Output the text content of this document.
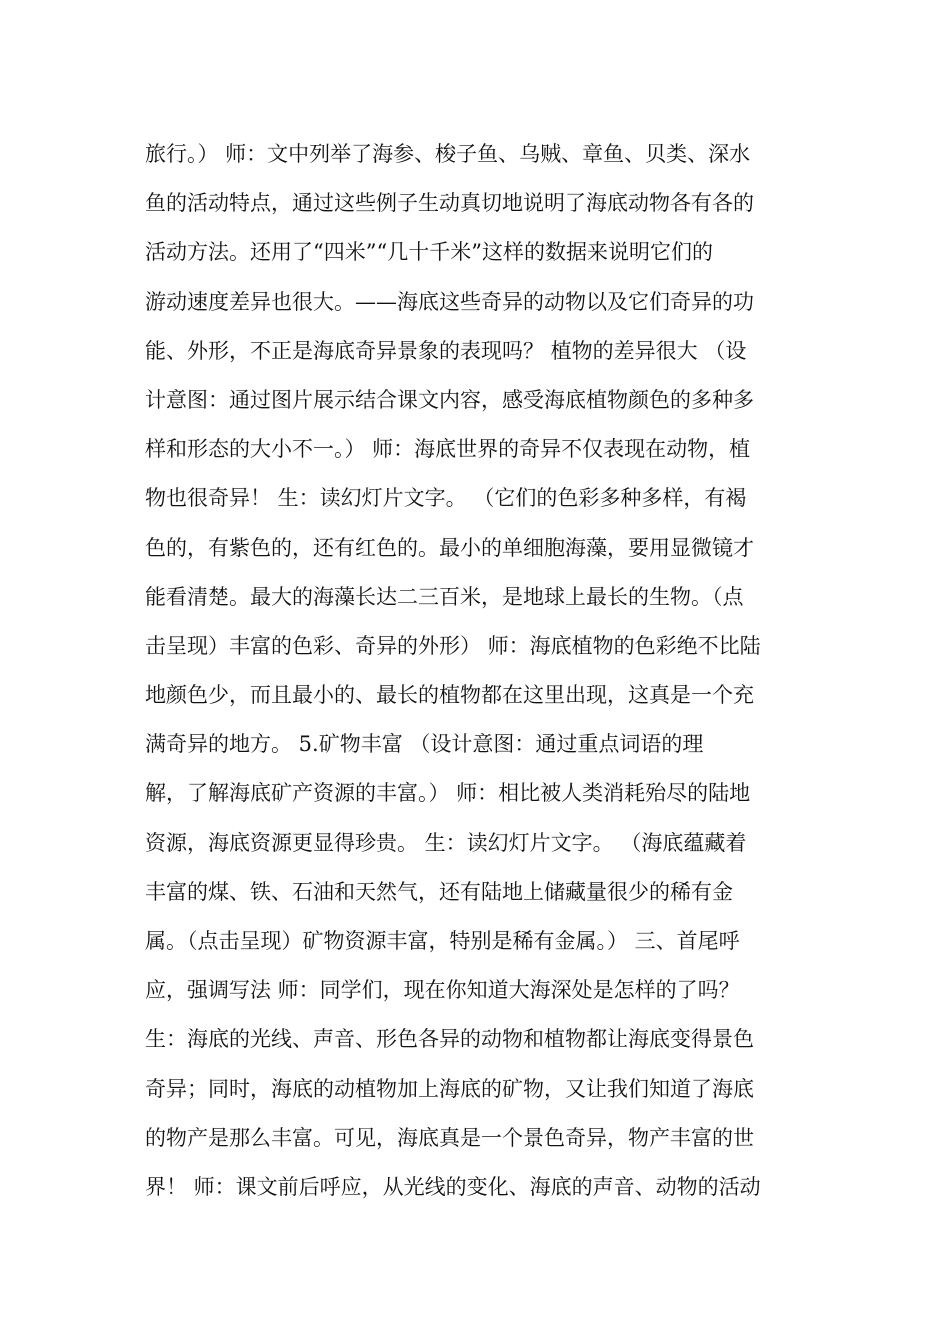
旅行。） 师：文中列举了海参、梭子鱼、乌贼、章鱼、贝类、深水
鱼的活动特点，通过这些例子生动真切地说明了海底动物各有各的
活动方法。还用了“四米”“几十千米”这样的数据来说明它们的
游动速度差异也很大。——海底这些奇异的动物以及它们奇异的功
能、外形，不正是海底奇异景象的表现吗？ 植物的差异很大 （设
计意图：通过图片展示结合课文内容，感受海底植物颜色的多种多
样和形态的大小不一。） 师：海底世界的奇异不仅表现在动物，植
物也很奇异！ 生：读幻灯片文字。 （它们的色彩多种多样，有褐
色的，有紫色的，还有红色的。最小的单细胞海藻，要用显微镜才
能看清楚。最大的海藻长达二三百米，是地球上最长的生物。（点
击呈现）丰富的色彩、奇异的外形） 师：海底植物的色彩绝不比陆
地颜色少，而且最小的、最长的植物都在这里出现，这真是一个充
满奇异的地方。 5.矿物丰富 （设计意图：通过重点词语的理
解，了解海底矿产资源的丰富。） 师：相比被人类消耗殆尽的陆地
资源，海底资源更显得珍贵。 生：读幻灯片文字。 （海底蕴藏着
丰富的煤、铁、石油和天然气，还有陆地上储藏量很少的稀有金
属。（点击呈现）矿物资源丰富，特别是稀有金属。） 三、首尾呼
应，强调写法 师：同学们，现在你知道大海深处是怎样的了吗？
生：海底的光线、声音、形色各异的动物和植物都让海底变得景色
奇异；同时，海底的动植物加上海底的矿物，又让我们知道了海底
的物产是那么丰富。可见，海底真是一个景色奇异，物产丰富的世
界！ 师：课文前后呼应，从光线的变化、海底的声音、动物的活动
